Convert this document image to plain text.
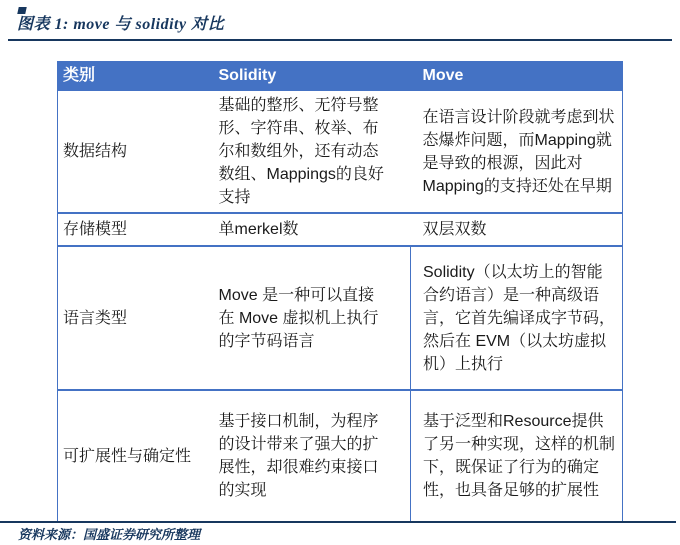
图表 1: move 与 solidity 对比
类别	Solidity	Move
数据结构	基础的整形、无符号整形、字符串、枚举、布尔和数组外，还有动态数组、Mappings的良好支持	在语言设计阶段就考虑到状态爆炸问题，而Mapping就是导致的根源，因此对Mapping的支持还处在早期
存储模型	单merkel数	双层双数
语言类型	Move 是一种可以直接在 Move 虚拟机上执行的字节码语言	Solidity（以太坊上的智能合约语言）是一种高级语言，它首先编译成字节码，然后在 EVM（以太坊虚拟机）上执行
可扩展性与确定性	基于接口机制，为程序的设计带来了强大的扩展性，却很难约束接口的实现	基于泛型和Resource提供了另一种实现，这样的机制下，既保证了行为的确定性，也具备足够的扩展性
资料来源：国盛证券研究所整理
